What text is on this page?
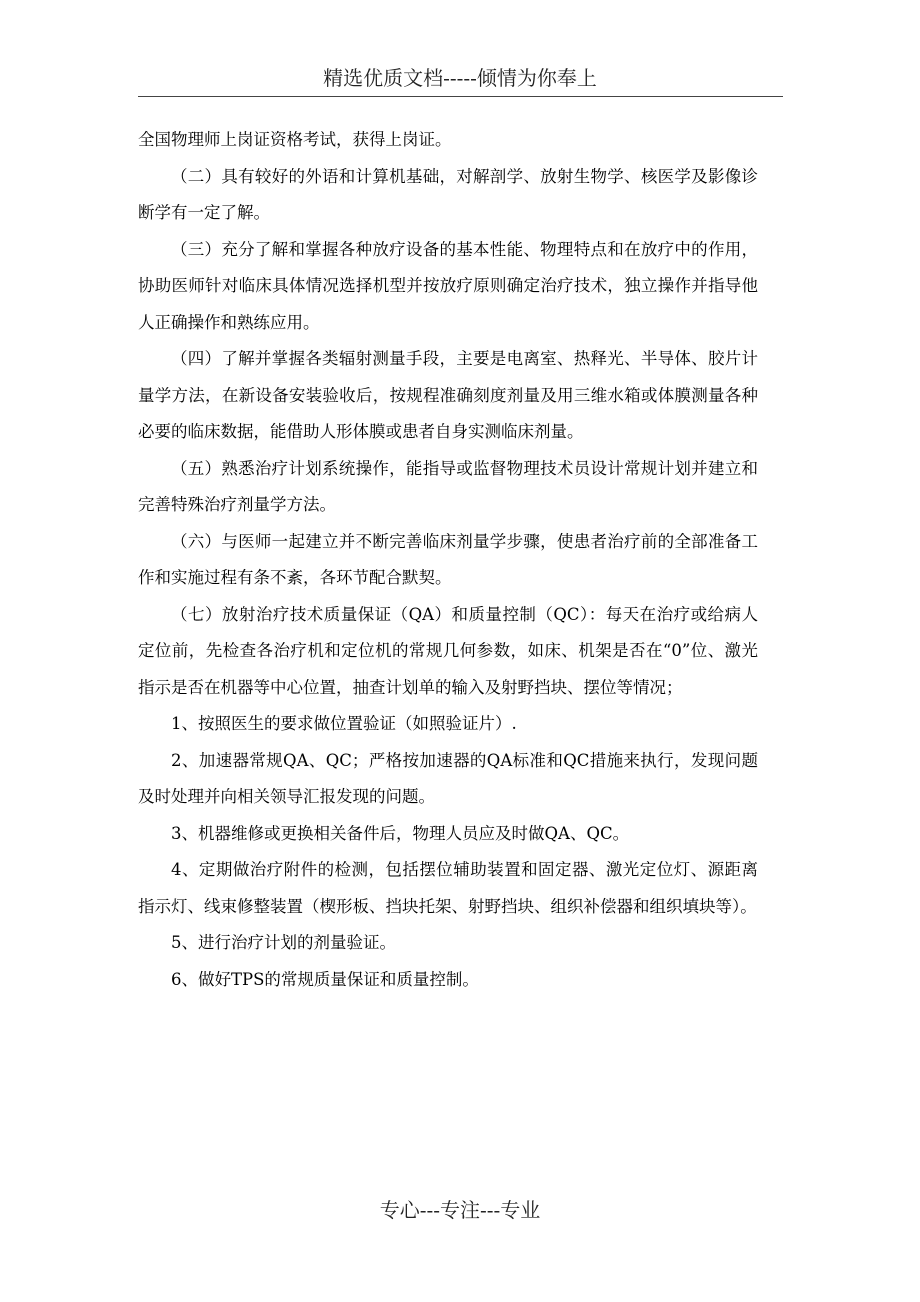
精选优质文档-----倾情为你奉上

全国物理师上岗证资格考试，获得上岗证。

（二）具有较好的外语和计算机基础，对解剖学、放射生物学、核医学及影像诊断学有一定了解。

（三）充分了解和掌握各种放疗设备的基本性能、物理特点和在放疗中的作用，协助医师针对临床具体情况选择机型并按放疗原则确定治疗技术，独立操作并指导他人正确操作和熟练应用。

（四）了解并掌握各类辐射测量手段，主要是电离室、热释光、半导体、胶片计量学方法，在新设备安装验收后，按规程准确刻度剂量及用三维水箱或体膜测量各种必要的临床数据，能借助人形体膜或患者自身实测临床剂量。

（五）熟悉治疗计划系统操作，能指导或监督物理技术员设计常规计划并建立和完善特殊治疗剂量学方法。

（六）与医师一起建立并不断完善临床剂量学步骤，使患者治疗前的全部准备工作和实施过程有条不紊，各环节配合默契。

（七）放射治疗技术质量保证（QA）和质量控制（QC）：每天在治疗或给病人定位前，先检查各治疗机和定位机的常规几何参数，如床、机架是否在“0”位、激光指示是否在机器等中心位置，抽查计划单的输入及射野挡块、摆位等情况；

1、按照医生的要求做位置验证（如照验证片）.

2、加速器常规QA、QC；严格按加速器的QA标准和QC措施来执行，发现问题及时处理并向相关领导汇报发现的问题。

3、机器维修或更换相关备件后，物理人员应及时做QA、QC。

4、定期做治疗附件的检测，包括摆位辅助装置和固定器、激光定位灯、源距离指示灯、线束修整装置（楔形板、挡块托架、射野挡块、组织补偿器和组织填块等）。

5、进行治疗计划的剂量验证。

6、做好TPS的常规质量保证和质量控制。

专心---专注---专业
